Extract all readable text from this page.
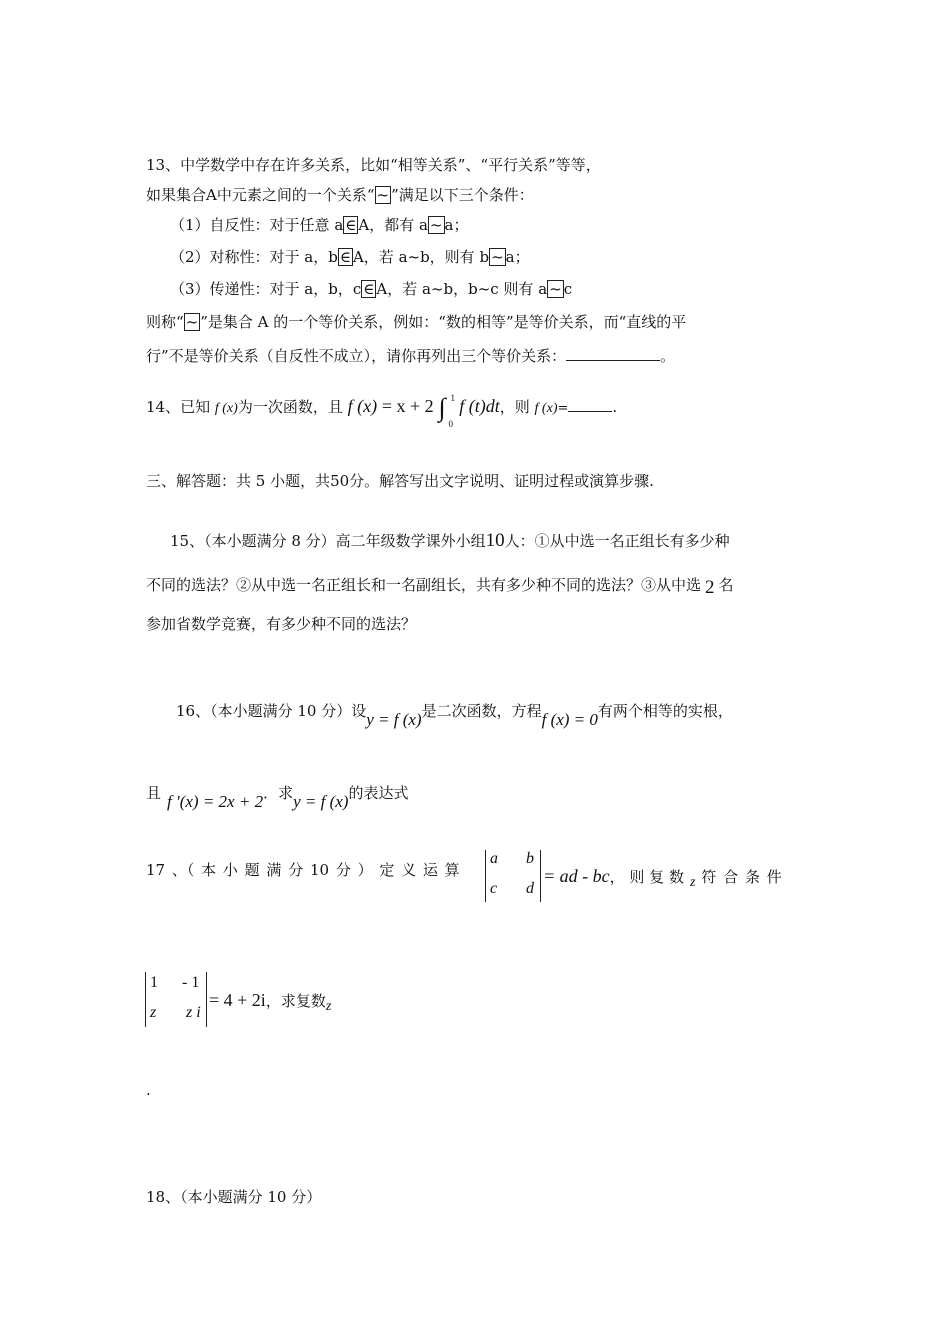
13、中学数学中存在许多关系，比如“相等关系”、“平行关系”等等，
如果集合A中元素之间的一个关系“ ~ ”满足以下三个条件：
（1）自反性：对于任意 a ∈ A，都有 a ~ a；
（2）对称性：对于 a，b ∈ A，若 a~b，则有 b ~ a；
（3）传递性：对于 a，b，c ∈ A，若 a~b，b~c 则有 a ~ c
则称“ ~ ”是集合 A 的一个等价关系，例如：“数的相等”是等价关系，而“直线的平
行”不是等价关系（自反性不成立），请你再列出三个等价关系：	。
14、已知 f (x)为一次函数，且 f (x) = x + 2 ∫ 1
0
f (t)dt，则 f (x)=	.
三、解答题：共 5 小题，共50分。解答写出文字说明、证明过程或演算步骤.
15、（本小题满分 8 分）高二年级数学课外小组10人：①从中选一名正组长有多少种
不同的选法？②从中选一名正组长和一名副组长，共有多少种不同的选法？③从中选 2 名
参加省数学竞赛，有多少种不同的选法？
16、（本小题满分 10 分）设y = f (x)是二次函数，方程f (x) = 0有两个相等的实根，
且 f ′(x) = 2x + 2．求y = f (x)的表达式
17 、（ 本 小 题 满 分 10 分 ） 定 义 运 算
a b
c d
= ad - bc， 则 复 数 z 符 合 条 件
1 - 1
z z i
= 4 + 2i，求复数z
.
18、（本小题满分 10 分）
